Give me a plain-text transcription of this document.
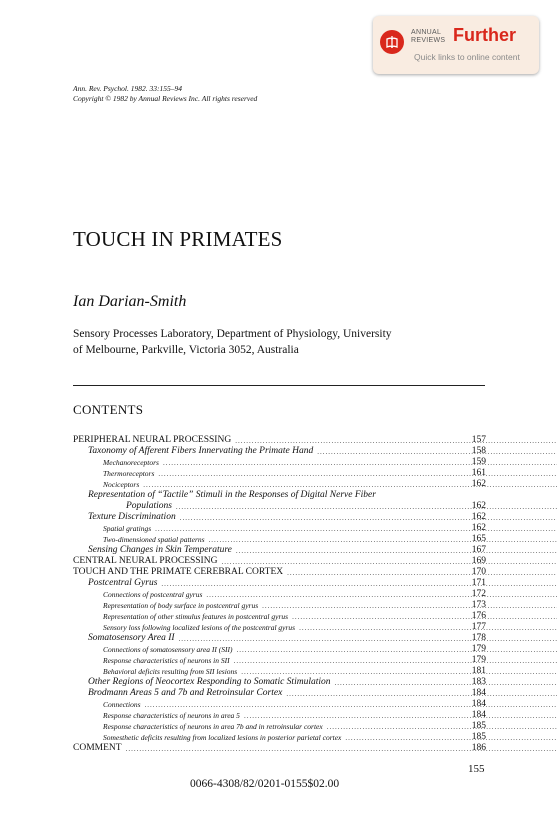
ANNUAL
REVIEWS Further
Quick links to online content
Ann. Rev. Psychol. 1982. 33:155–94
Copyright © 1982 by Annual Reviews Inc. All rights reserved
TOUCH IN PRIMATES
Ian Darian-Smith
Sensory Processes Laboratory, Department of Physiology, University
of Melbourne, Parkville, Victoria 3052, Australia
CONTENTS
PERIPHERAL NEURAL PROCESSING .....	157
Taxonomy of Afferent Fibers Innervating the Primate Hand .....	158
Mechanoreceptors .....	159
Thermoreceptors .....	161
Nociceptors .....	162
Representation of “Tactile” Stimuli in the Responses of Digital Nerve Fiber
Populations .....	162
Texture Discrimination .....	162
Spatial gratings .....	162
Two-dimensioned spatial patterns .....	165
Sensing Changes in Skin Temperature .....	167
CENTRAL NEURAL PROCESSING .....	169
TOUCH AND THE PRIMATE CEREBRAL CORTEX .....	170
Postcentral Gyrus .....	171
Connections of postcentral gyrus .....	172
Representation of body surface in postcentral gyrus .....	173
Representation of other stimulus features in postcentral gyrus .....	176
Sensory loss following localized lesions of the postcentral gyrus .....	177
Somatosensory Area II .....	178
Connections of somatosensory area II (SII) .....	179
Response characteristics of neurons in SII .....	179
Behavioral deficits resulting from SII lesions .....	181
Other Regions of Neocortex Responding to Somatic Stimulation .....	183
Brodmann Areas 5 and 7b and Retroinsular Cortex .....	184
Connections .....	184
Response characteristics of neurons in area 5 .....	184
Response characteristics of neurons in area 7b and in retroinsular cortex .....	185
Somesthetic deficits resulting from localized lesions in posterior parietal cortex .....	185
COMMENT .....	186
155
0066-4308/82/0201-0155$02.00
